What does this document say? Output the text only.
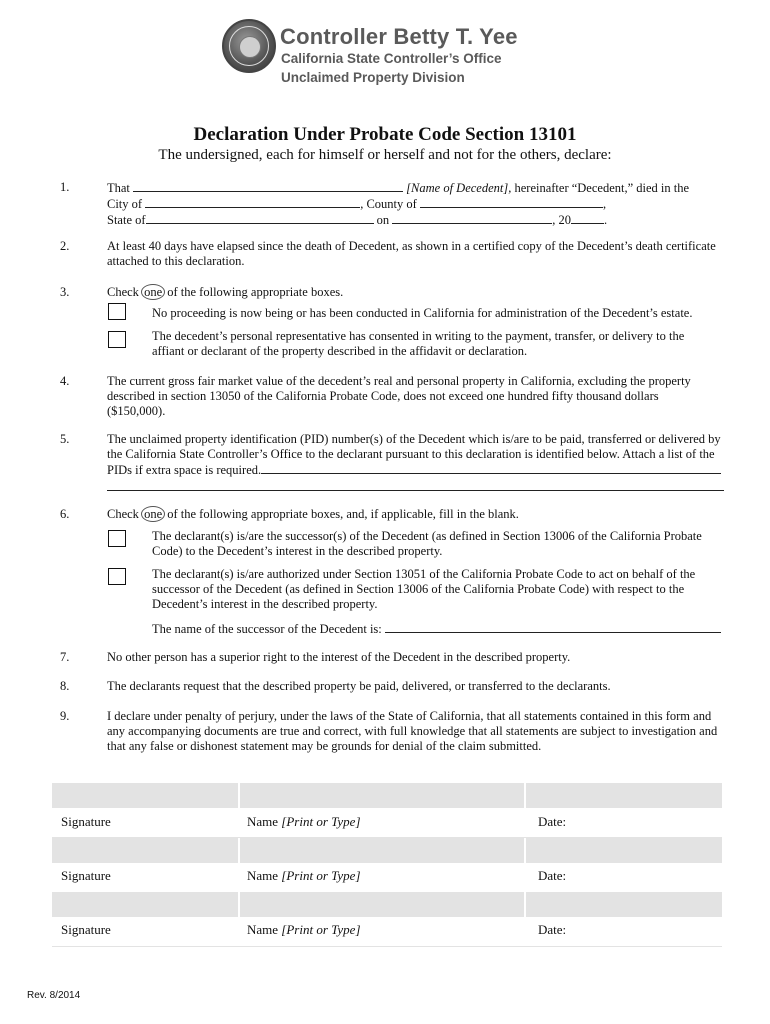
Controller Betty T. Yee
California State Controller’s Office
Unclaimed Property Division
Declaration Under Probate Code Section 13101
The undersigned, each for himself or herself and not for the others, declare:
1.	That	[Name of Decedent], hereinafter “Decedent,” died in the
City of	, County of	,
State of	on	, 20	.
2.	At least 40 days have elapsed since the death of Decedent, as shown in a certified copy of the Decedent’s death certificate attached to this declaration.
3.	Check one of the following appropriate boxes.
No proceeding is now being or has been conducted in California for administration of the Decedent’s estate.
The decedent’s personal representative has consented in writing to the payment, transfer, or delivery to the affiant or declarant of the property described in the affidavit or declaration.
4.	The current gross fair market value of the decedent’s real and personal property in California, excluding the property described in section 13050 of the California Probate Code, does not exceed one hundred fifty thousand dollars ($150,000).
5.	The unclaimed property identification (PID) number(s) of the Decedent which is/are to be paid, transferred or delivered by the California State Controller’s Office to the declarant pursuant to this declaration is identified below. Attach a list of the
PIDs if extra space is required.
6.	Check one of the following appropriate boxes, and, if applicable, fill in the blank.
The declarant(s) is/are the successor(s) of the Decedent (as defined in Section 13006 of the California Probate Code) to the Decedent’s interest in the described property.
The declarant(s) is/are authorized under Section 13051 of the California Probate Code to act on behalf of the successor of the Decedent (as defined in Section 13006 of the California Probate Code) with respect to the Decedent’s interest in the described property.
The name of the successor of the Decedent is:
7.	No other person has a superior right to the interest of the Decedent in the described property.
8.	The declarants request that the described property be paid, delivered, or transferred to the declarants.
9.	I declare under penalty of perjury, under the laws of the State of California, that all statements contained in this form and any accompanying documents are true and correct, with full knowledge that all statements are subject to investigation and that any false or dishonest statement may be grounds for denial of the claim submitted.
Signature	Name [Print or Type]	Date:
Signature	Name [Print or Type]	Date:
Signature	Name [Print or Type]	Date:
Rev. 8/2014
